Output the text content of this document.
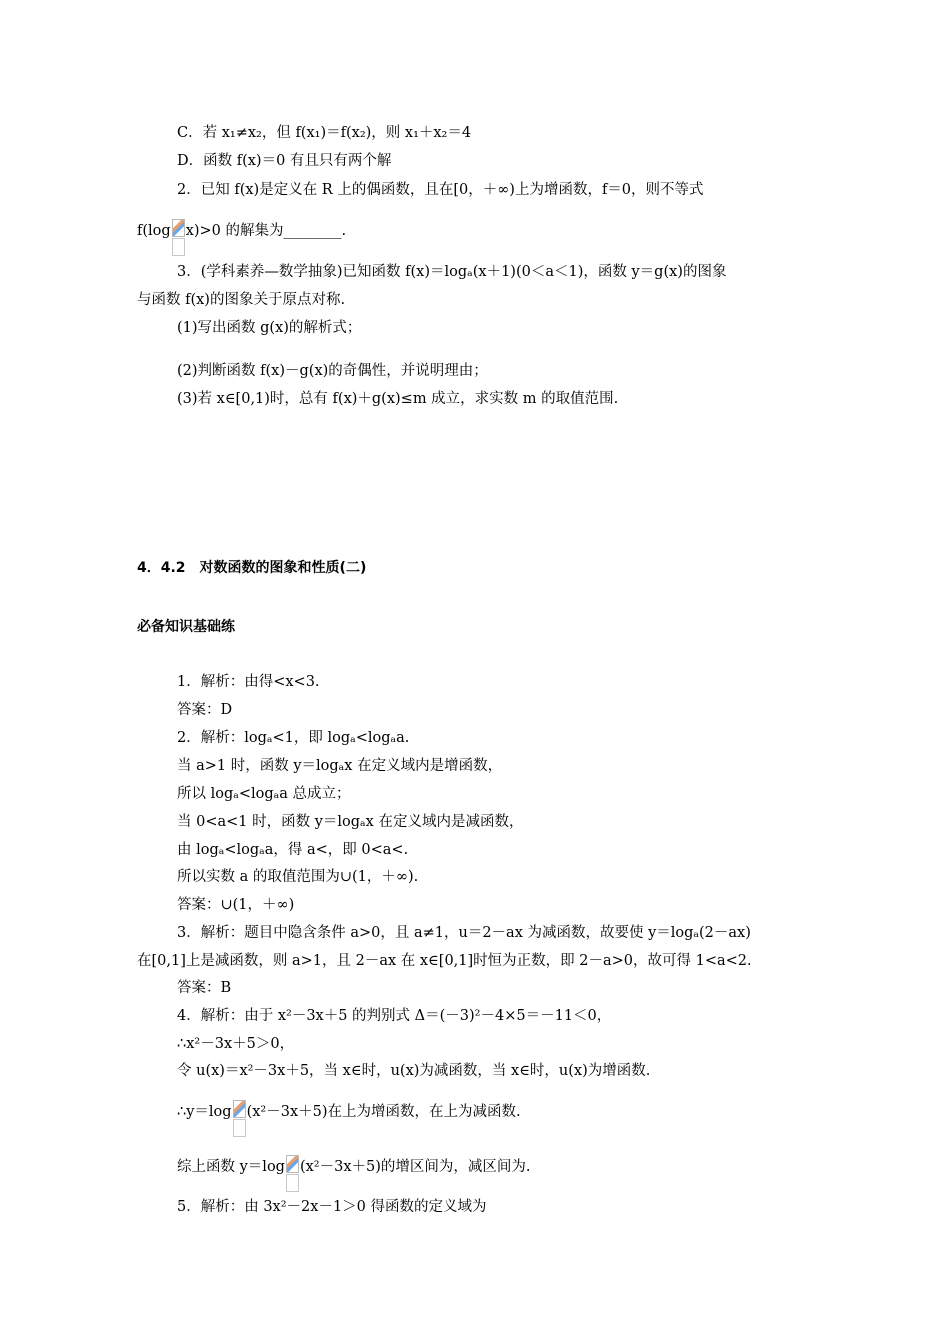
C．若 x₁≠x₂，但 f(x₁)＝f(x₂)，则 x₁＋x₂＝4
D．函数 f(x)＝0 有且只有两个解
2．已知 f(x)是定义在 R 上的偶函数，且在[0，＋∞)上为增函数，f＝0，则不等式
f(log x)>0 的解集为________.
3．(学科素养—数学抽象)已知函数 f(x)＝logₐ(x＋1)(0＜a＜1)，函数 y＝g(x)的图象
与函数 f(x)的图象关于原点对称.
(1)写出函数 g(x)的解析式；
(2)判断函数 f(x)－g(x)的奇偶性，并说明理由；
(3)若 x∈[0,1)时，总有 f(x)＋g(x)≤m 成立，求实数 m 的取值范围.
4．4.2　对数函数的图象和性质(二)
必备知识基础练
1．解析：由得<x<3.
答案：D
2．解析：logₐ<1，即 logₐ<logₐa.
当 a>1 时，函数 y＝logₐx 在定义域内是增函数，
所以 logₐ<logₐa 总成立；
当 0<a<1 时，函数 y＝logₐx 在定义域内是减函数，
由 logₐ<logₐa，得 a<，即 0<a<.
所以实数 a 的取值范围为∪(1，＋∞).
答案：∪(1，＋∞)
3．解析：题目中隐含条件 a>0，且 a≠1，u＝2－ax 为减函数，故要使 y＝logₐ(2－ax)
在[0,1]上是减函数，则 a>1，且 2－ax 在 x∈[0,1]时恒为正数，即 2－a>0，故可得 1<a<2.
答案：B
4．解析：由于 x²－3x＋5 的判别式 Δ＝(－3)²－4×5＝－11＜0，
∴x²－3x＋5＞0，
令 u(x)＝x²－3x＋5，当 x∈时，u(x)为减函数，当 x∈时，u(x)为增函数.
∴y＝log (x²－3x＋5)在上为增函数，在上为减函数.
综上函数 y＝log (x²－3x＋5)的增区间为，减区间为.
5．解析：由 3x²－2x－1＞0 得函数的定义域为
